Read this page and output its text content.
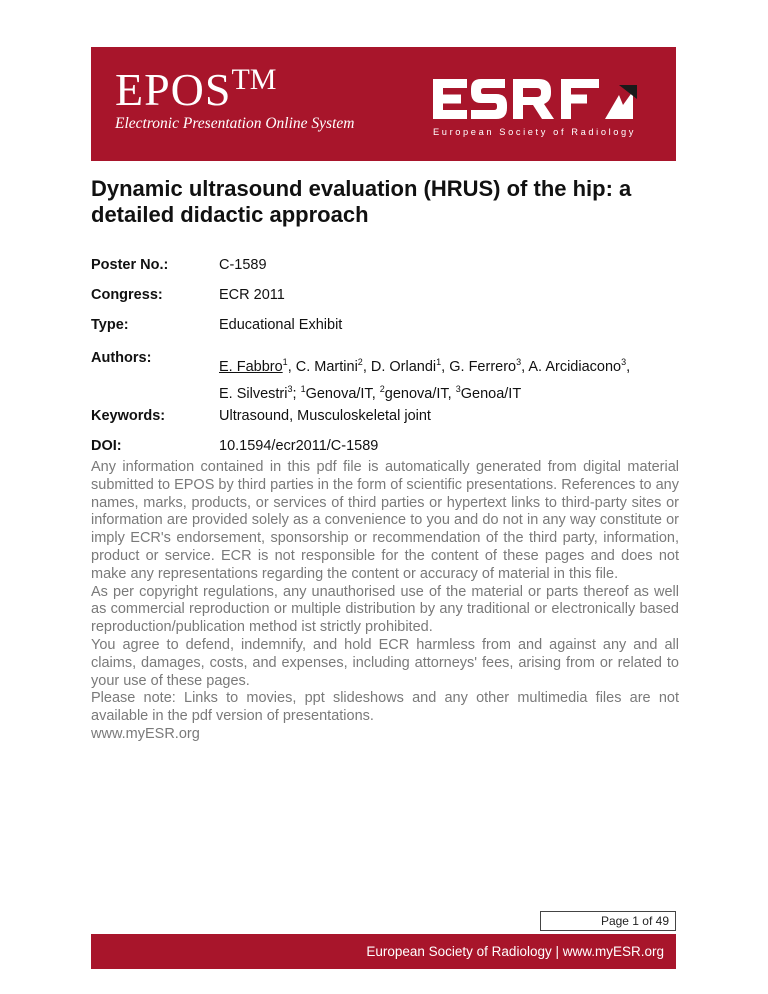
EPOSTM
Electronic Presentation Online System	European Society of Radiology
Dynamic ultrasound evaluation (HRUS) of the hip: a detailed didactic approach
Poster No.:	C-1589
Congress:	ECR 2011
Type:	Educational Exhibit
Authors:	E. Fabbro$^1$, C. Martini$^2$, D. Orlandi$^1$, G. Ferrero$^3$, A. Arcidiacono$^3$,
E. Silvestri$^3$; $^1$Genova/IT, $^2$genova/IT, $^3$Genoa/IT
Keywords:	Ultrasound, Musculoskeletal joint
DOI:	10.1594/ecr2011/C-1589

Any information contained in this pdf file is automatically generated from digital material submitted to EPOS by third parties in the form of scientific presentations. References to any names, marks, products, or services of third parties or hypertext links to third-party sites or information are provided solely as a convenience to you and do not in any way constitute or imply ECR's endorsement, sponsorship or recommendation of the third party, information, product or service. ECR is not responsible for the content of these pages and does not make any representations regarding the content or accuracy of material in this file.

As per copyright regulations, any unauthorised use of the material or parts thereof as well as commercial reproduction or multiple distribution by any traditional or electronically based reproduction/publication method ist strictly prohibited.

You agree to defend, indemnify, and hold ECR harmless from and against any and all claims, damages, costs, and expenses, including attorneys' fees, arising from or related to your use of these pages.

Please note: Links to movies, ppt slideshows and any other multimedia files are not available in the pdf version of presentations.

www.myESR.org

Page 1 of 49
European Society of Radiology | www.myESR.org
